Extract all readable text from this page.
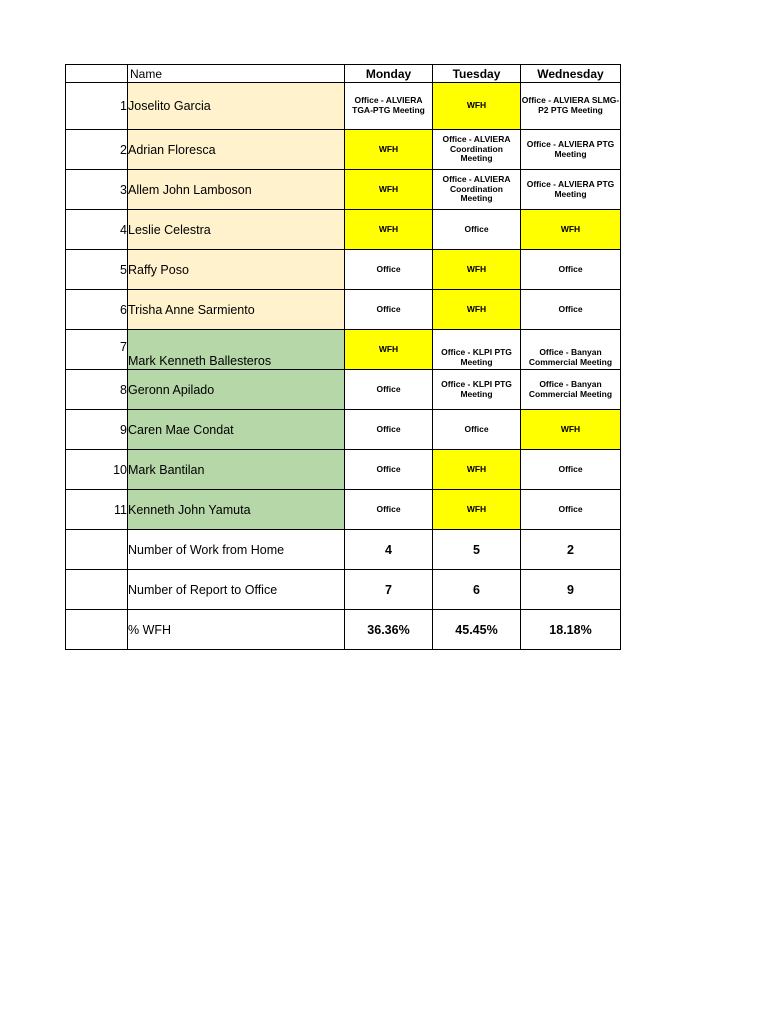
	Name	Monday	Tuesday	Wednesday
1	Joselito Garcia	Office - ALVIERA TGA-PTG Meeting	WFH	Office - ALVIERA SLMG-P2 PTG Meeting
2	Adrian Floresca	WFH	Office - ALVIERA Coordination Meeting	Office - ALVIERA PTG Meeting
3	Allem John Lamboson	WFH	Office - ALVIERA Coordination Meeting	Office - ALVIERA PTG Meeting
4	Leslie Celestra	WFH	Office	WFH
5	Raffy Poso	Office	WFH	Office
6	Trisha Anne Sarmiento	Office	WFH	Office
7	Mark Kenneth Ballesteros	WFH	Office - KLPI PTG Meeting	Office - Banyan Commercial Meeting
8	Geronn Apilado	Office	Office - KLPI PTG Meeting	Office - Banyan Commercial Meeting
9	Caren Mae Condat	Office	Office	WFH
10	Mark Bantilan	Office	WFH	Office
11	Kenneth John Yamuta	Office	WFH	Office
	Number of Work from Home	4	5	2
	Number of Report to Office	7	6	9
	% WFH	36.36%	45.45%	18.18%
